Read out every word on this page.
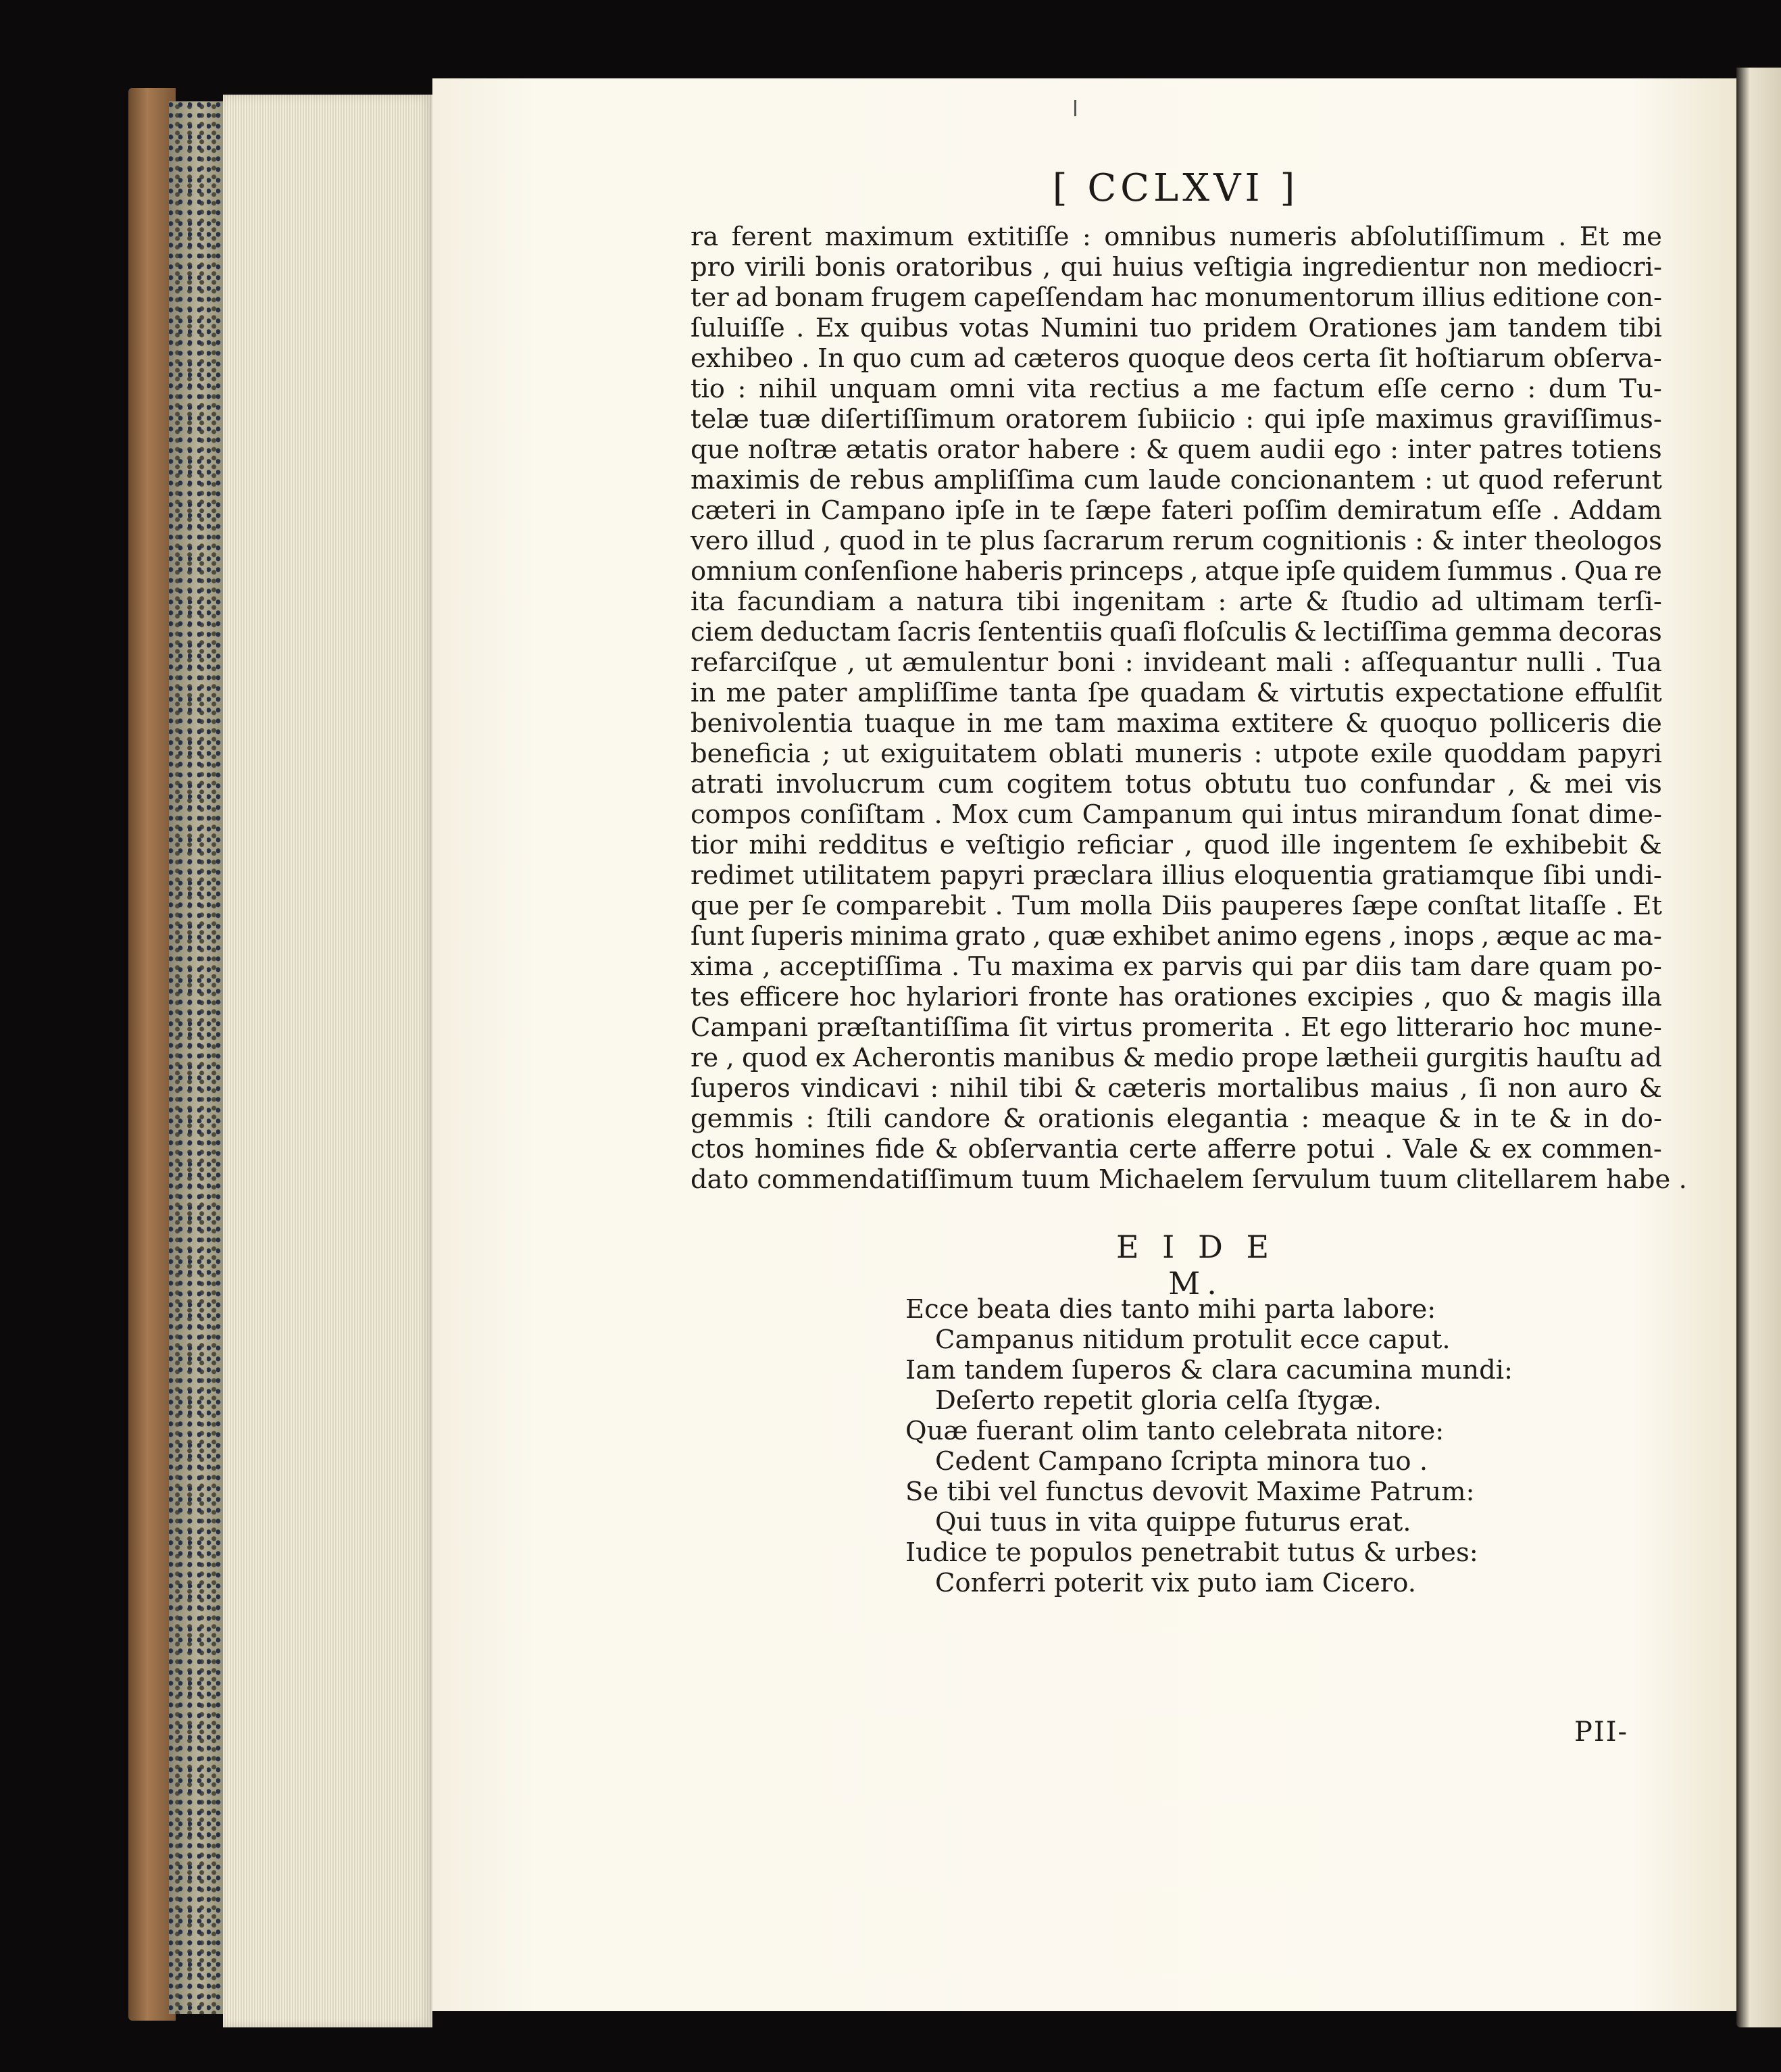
[ CCLXVI ]
ra ferent maximum extitiſſe : omnibus numeris abſolutiſſimum . Et me
pro virili bonis oratoribus , qui huius veſtigia ingredientur non mediocri-
ter ad bonam frugem capeſſendam hac monumentorum illius editione con-
ſuluiſſe . Ex quibus votas Numini tuo pridem Orationes jam tandem tibi
exhibeo . In quo cum ad cæteros quoque deos certa ſit hoſtiarum obſerva-
tio : nihil unquam omni vita rectius a me factum eſſe cerno : dum Tu-
telæ tuæ diſertiſſimum oratorem ſubiicio : qui ipſe maximus graviſſimus-
que noſtræ ætatis orator habere : & quem audii ego : inter patres totiens
maximis de rebus ampliſſima cum laude concionantem : ut quod referunt
cæteri in Campano ipſe in te ſæpe fateri poſſim demiratum eſſe . Addam
vero illud , quod in te plus ſacrarum rerum cognitionis : & inter theologos
omnium conſenſione haberis princeps , atque ipſe quidem ſummus . Qua re
ita facundiam a natura tibi ingenitam : arte & ſtudio ad ultimam terſi-
ciem deductam ſacris ſententiis quaſi floſculis & lectiſſima gemma decoras
refarciſque , ut æmulentur boni : invideant mali : aſſequantur nulli . Tua
in me pater ampliſſime tanta ſpe quadam & virtutis expectatione effulſit
benivolentia tuaque in me tam maxima extitere & quoquo polliceris die
beneficia ; ut exiguitatem oblati muneris : utpote exile quoddam papyri
atrati involucrum cum cogitem totus obtutu tuo confundar , & mei vis
compos conſiſtam . Mox cum Campanum qui intus mirandum ſonat dime-
tior mihi redditus e veſtigio reficiar , quod ille ingentem ſe exhibebit &
redimet utilitatem papyri præclara illius eloquentia gratiamque ſibi undi-
que per ſe comparebit . Tum molla Diis pauperes ſæpe conſtat litaſſe . Et
ſunt ſuperis minima grato , quæ exhibet animo egens , inops , æque ac ma-
xima , acceptiſſima . Tu maxima ex parvis qui par diis tam dare quam po-
tes efficere hoc hylariori fronte has orationes excipies , quo & magis illa
Campani præſtantiſſima ſit virtus promerita . Et ego litterario hoc mune-
re , quod ex Acherontis manibus & medio prope lætheii gurgitis hauſtu ad
ſuperos vindicavi : nihil tibi & cæteris mortalibus maius , ſi non auro &
gemmis : ſtili candore & orationis elegantia : meaque & in te & in do-
ctos homines fide & obſervantia certe afferre potui . Vale & ex commen-
dato commendatiſſimum tuum Michaelem ſervulum tuum clitellarem habe .
E I D E M.
Ecce beata dies tanto mihi parta labore:
Campanus nitidum protulit ecce caput.
Iam tandem ſuperos & clara cacumina mundi:
Deſerto repetit gloria celſa ſtygæ.
Quæ fuerant olim tanto celebrata nitore:
Cedent Campano ſcripta minora tuo .
Se tibi vel functus devovit Maxime Patrum:
Qui tuus in vita quippe futurus erat.
Iudice te populos penetrabit tutus & urbes:
Conferri poterit vix puto iam Cicero.
PII-
